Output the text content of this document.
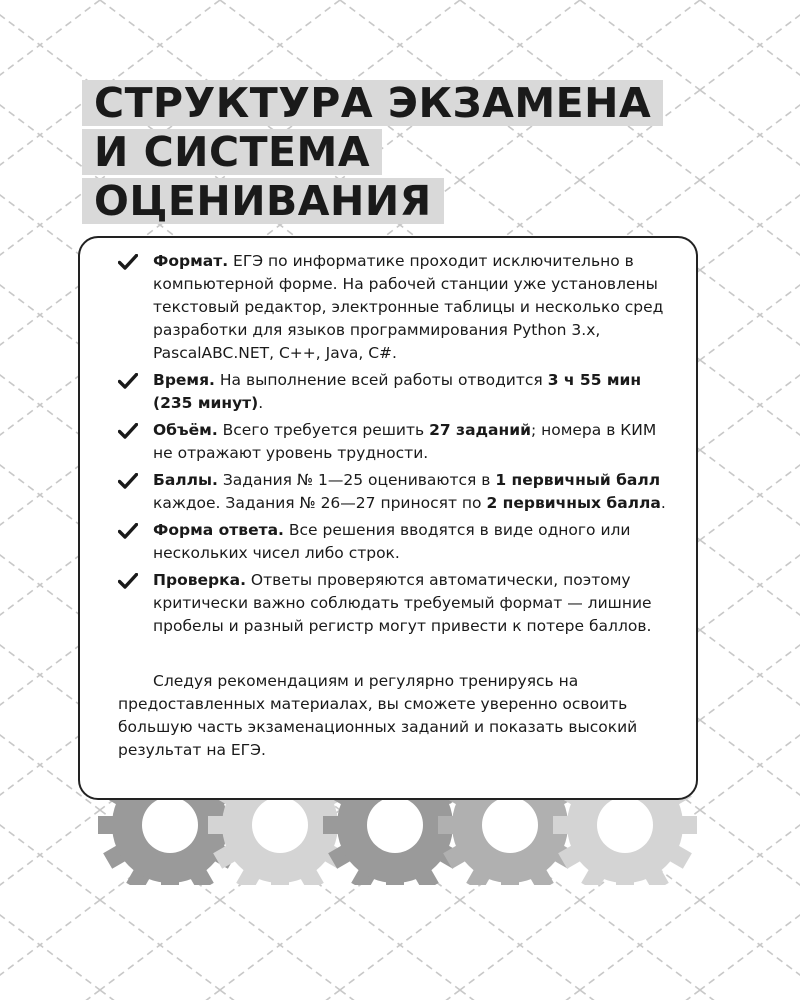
СТРУКТУРА ЭКЗАМЕНА
И СИСТЕМА
ОЦЕНИВАНИЯ
Формат. ЕГЭ по информатике проходит исключительно в компьютерной форме. На рабочей станции уже установлены текстовый редактор, электронные таблицы и несколько сред разработки для языков программирования Python 3.x, PascalABC.NET, C++, Java, C#.
Время. На выполнение всей работы отводится 3 ч 55 мин (235 минут).
Объём. Всего требуется решить 27 заданий; номера в КИМ не отражают уровень трудности.
Баллы. Задания № 1—25 оцениваются в 1 первичный балл каждое. Задания № 26—27 приносят по 2 первичных балла.
Форма ответа. Все решения вводятся в виде одного или нескольких чисел либо строк.
Проверка. Ответы проверяются автоматически, поэтому критически важно соблюдать требуемый формат — лишние пробелы и разный регистр могут привести к потере баллов.

Следуя рекомендациям и регулярно тренируясь на предоставленных материалах, вы сможете уверенно освоить большую часть экзаменационных заданий и показать высокий результат на ЕГЭ.
